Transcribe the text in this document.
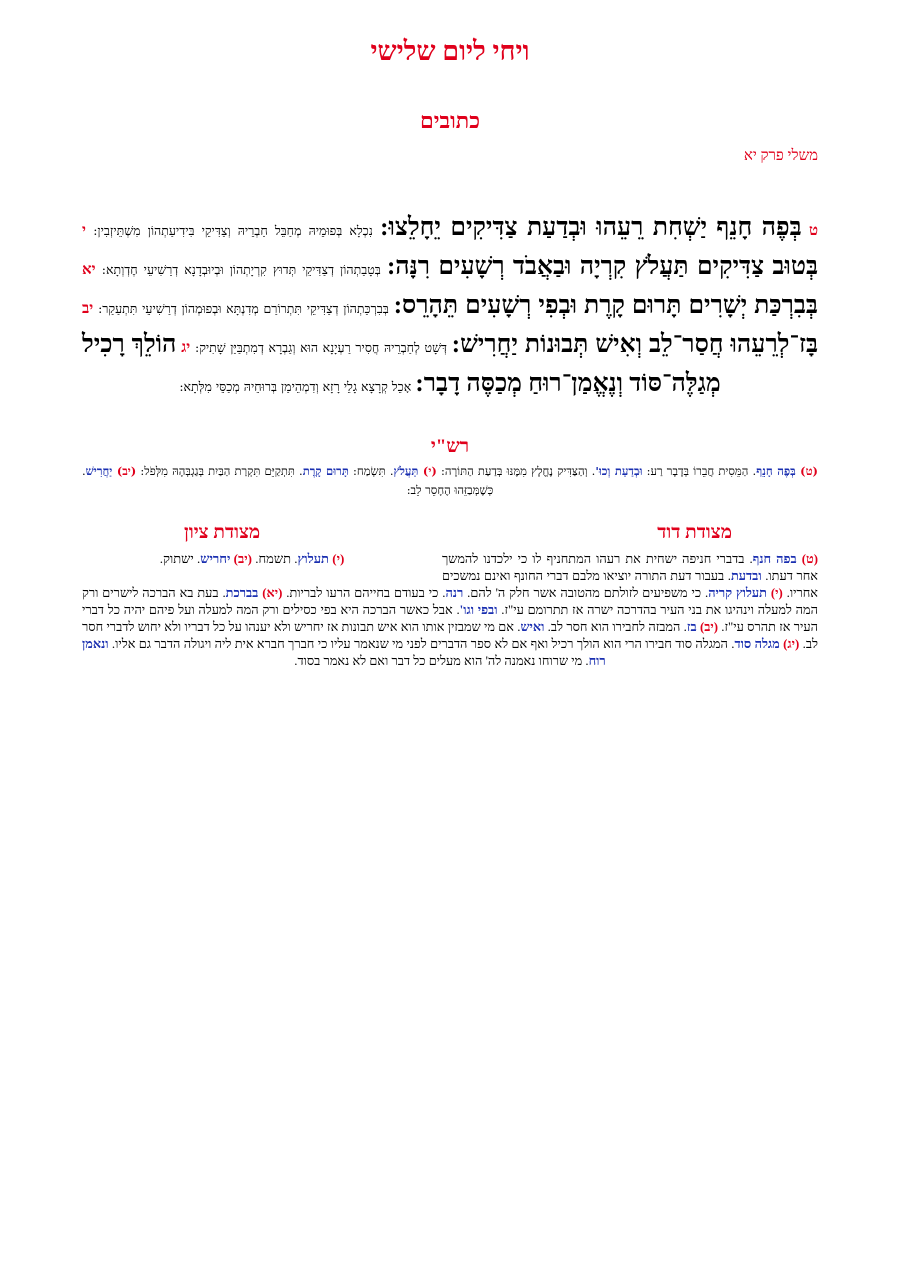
ויחי ליום שלישי
כתובים
משלי פרק יא

ט בְּפֶה חָנֵף יַשְׁחִת רֵעֵהוּ וּבְדַעַת צַדִּיקִים יֵחָלֵצוּ: נִכְלָא בְּפוּמֵיהּ מְחַבֵּל חַבְרֵיהּ וְצַדִּיקֵי בִּידִיעַתְהוֹן מִשְׁתֵּיזְבִין: י בְּטוּב צַדִּיקִים תַּעֲלֹץ קִרְיָה וּבַאֲבֹד רְשָׁעִים רִנָּה: בְּטָבַתְהוֹן דְצַדִּיקֵי תְּדוּץ קִרְיָתְהוֹן וּבְיוּבְדָנָא דְרַשִׁיעֵי חֶדְוְתָא: יא בְּבִרְכַּת יְשָׁרִים תָּרוּם קָרֶת וּבְפִי רְשָׁעִים תֵּהָרֵס: בְּבִרְכַּתְהוֹן דְצַדִּיקֵי תִּתְרוֹרַם מְדִנְתָּא וּבְפוּמְהוֹן דְרַשִׁיעֵי תִּתְעַקַר: יב בָּז־לְרֵעֵהוּ חֲסַר־לֵב וְאִישׁ תְּבוּנוֹת יַחֲרִישׁ: דְּשָׁט לְחַבְרֵיהּ חֲסִיר רַעְיָנָא הוּא וְגַבְרָא דְמִתְבַּיַּן שָׁתִיק: יג הוֹלֵךְ רָכִיל מְגַלֶּה־סּוֹד וְנֶאֱמַן־רוּחַ מְכַסֶּה דָבָר: אָכֵל קְרָצָא גָלֵי רָזָא וְדִמְהֵימַן בְּרוּחֵיהּ מְכַסֵּי מִלְּתָא:

רש"י

(ט) בְּפֶה חָנֵף. הַמֵּסִית חֲבֵרוֹ בְּדָבָר רַע: וּבְדַעַת וְכוּ'. וְהַצַּדִּיק נֶחֱלָץ מִמֶּנּוּ בְּדַעַת הַתּוֹרָה: (י) תַּעֲלֹץ. תִּשְׂמַח: תָּרוּם קָרֶת. תִּתְקַיֵּם תִּקְרַת הַבַּיִת בְּגַגְבְּהָהּ מִלְּפֹל: (יב) יַחֲרִישׁ. כְּשֶׁמְּבַזֵּהוּ הֶחָסֵר לֵב:

מצודת דוד
מצודת ציון

(י) תעלוץ. תשמח. (יב) יחריש. ישתוק.	(ט) בפה חנף. בדברי חניפה ישחית את רעהו המתחניף לו כי ילכדנו להמשך אחר דעתו. ובדעת. בעבור דעת התורה יוציאו מלבם דברי החונף ואינם נמשכים אחריו. (י) תעלוץ קריה. כי משפיעים לזולתם מהטובה אשר חלק ה' להם. רנה. כי בעודם בחייהם הרעו לבריות. (יא) בברכת. בעת בא הברכה לישרים ורק המה למעלה וינהיגו את בני העיר בהדרכה ישרה אז תתרומם עי"ז. ובפי וגו'. אבל כאשר הברכה היא בפי כסילים ורק המה למעלה ועל פיהם יהיה כל דברי העיר אז תהרס עי"ז. (יב) בז. המבזה לחבירו הוא חסר לב. ואיש. אם מי שמבזין אותו הוא איש תבונות אז יחריש ולא יענהו על כל דבריו ולא יחוש לדברי חסר לב. (יג) מגלה סוד. המגלה סוד חבירו הרי הוא הולך רכיל ואף אם לא ספר הדברים לפני מי שנאמר עליו כי חברך חברא אית ליה ויגולה הדבר גם אליו. ונאמן רוח. מי שרוחו נאמנה לה' הוא מעלים כל דבר ואם לא נאמר בסוד.
